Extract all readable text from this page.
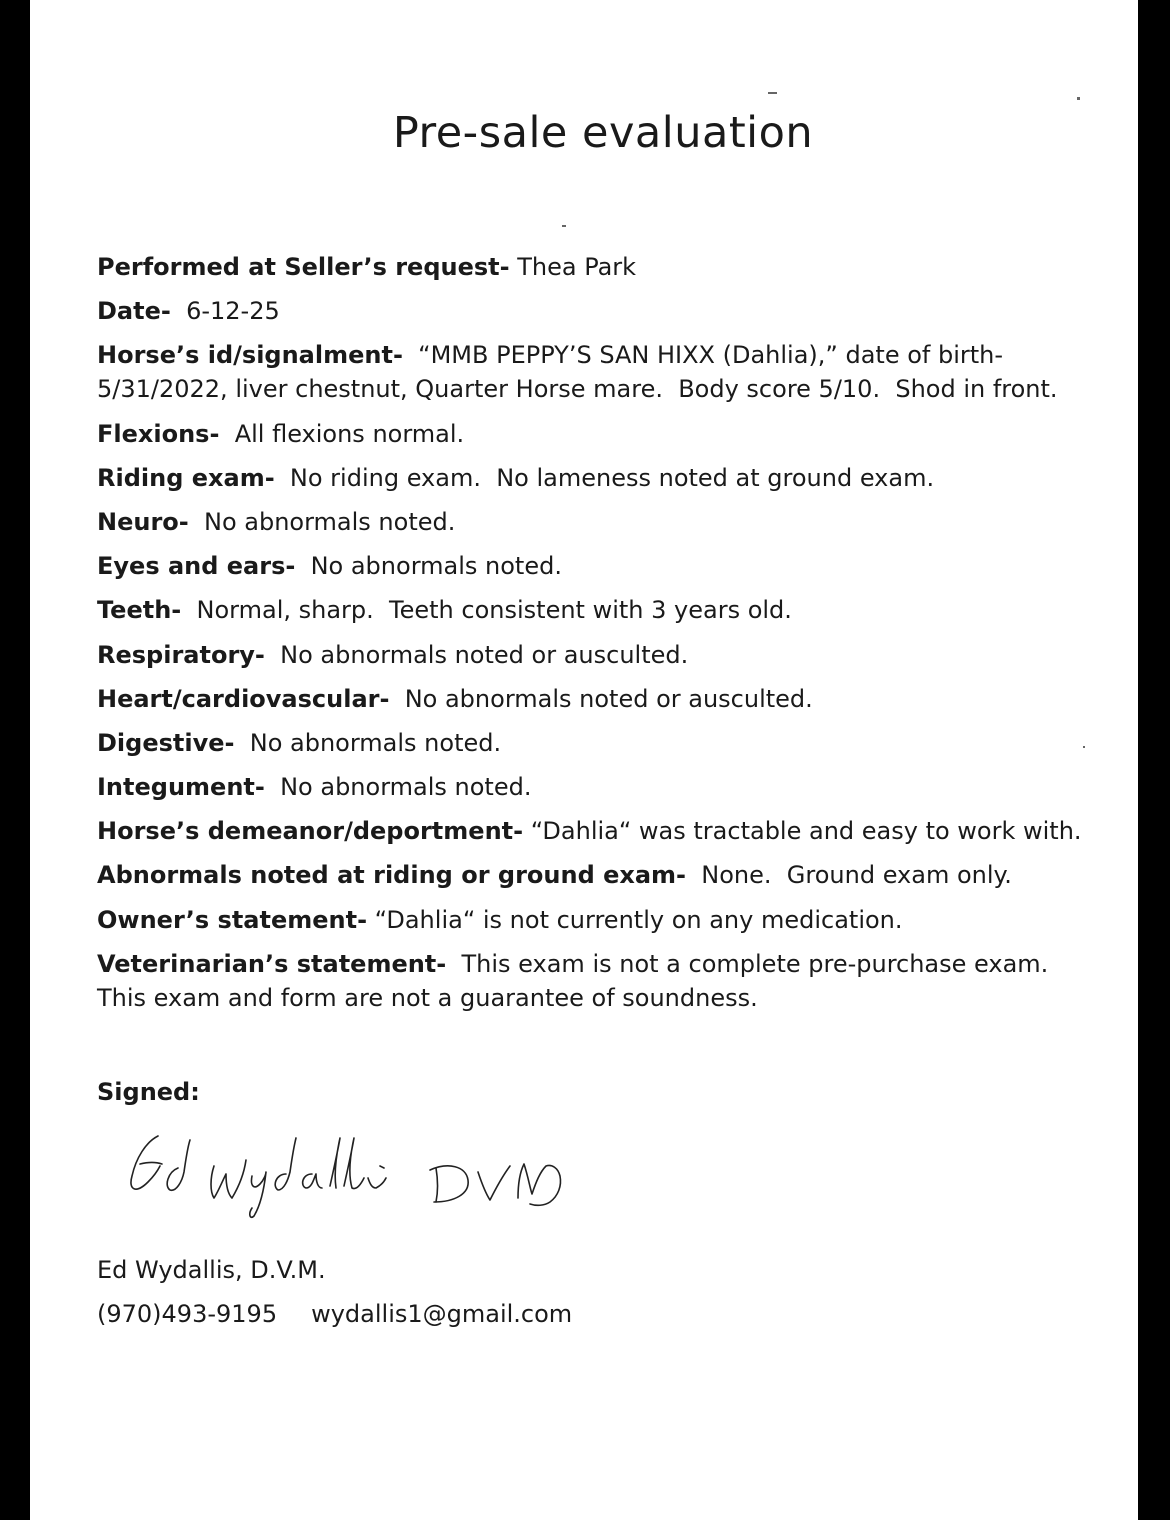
Pre-sale evaluation
Performed at Seller’s request- Thea Park
Date-  6-12-25
Horse’s id/signalment-  “MMB PEPPY’S SAN HIXX (Dahlia),” date of birth- 5/31/2022, liver chestnut, Quarter Horse mare.  Body score 5/10.  Shod in front.
Flexions-  All flexions normal.
Riding exam-  No riding exam.  No lameness noted at ground exam.
Neuro-  No abnormals noted.
Eyes and ears-  No abnormals noted.
Teeth-  Normal, sharp.  Teeth consistent with 3 years old.
Respiratory-  No abnormals noted or ausculted.
Heart/cardiovascular-  No abnormals noted or ausculted.
Digestive-  No abnormals noted.
Integument-  No abnormals noted.
Horse’s demeanor/deportment- “Dahlia“ was tractable and easy to work with.
Abnormals noted at riding or ground exam-  None.  Ground exam only.
Owner’s statement- “Dahlia“ is not currently on any medication.
Veterinarian’s statement-  This exam is not a complete pre-purchase exam.  This exam and form are not a guarantee of soundness.
Signed:
Ed Wydallis, D.V.M.
(970)493-9195 wydallis1@gmail.com
